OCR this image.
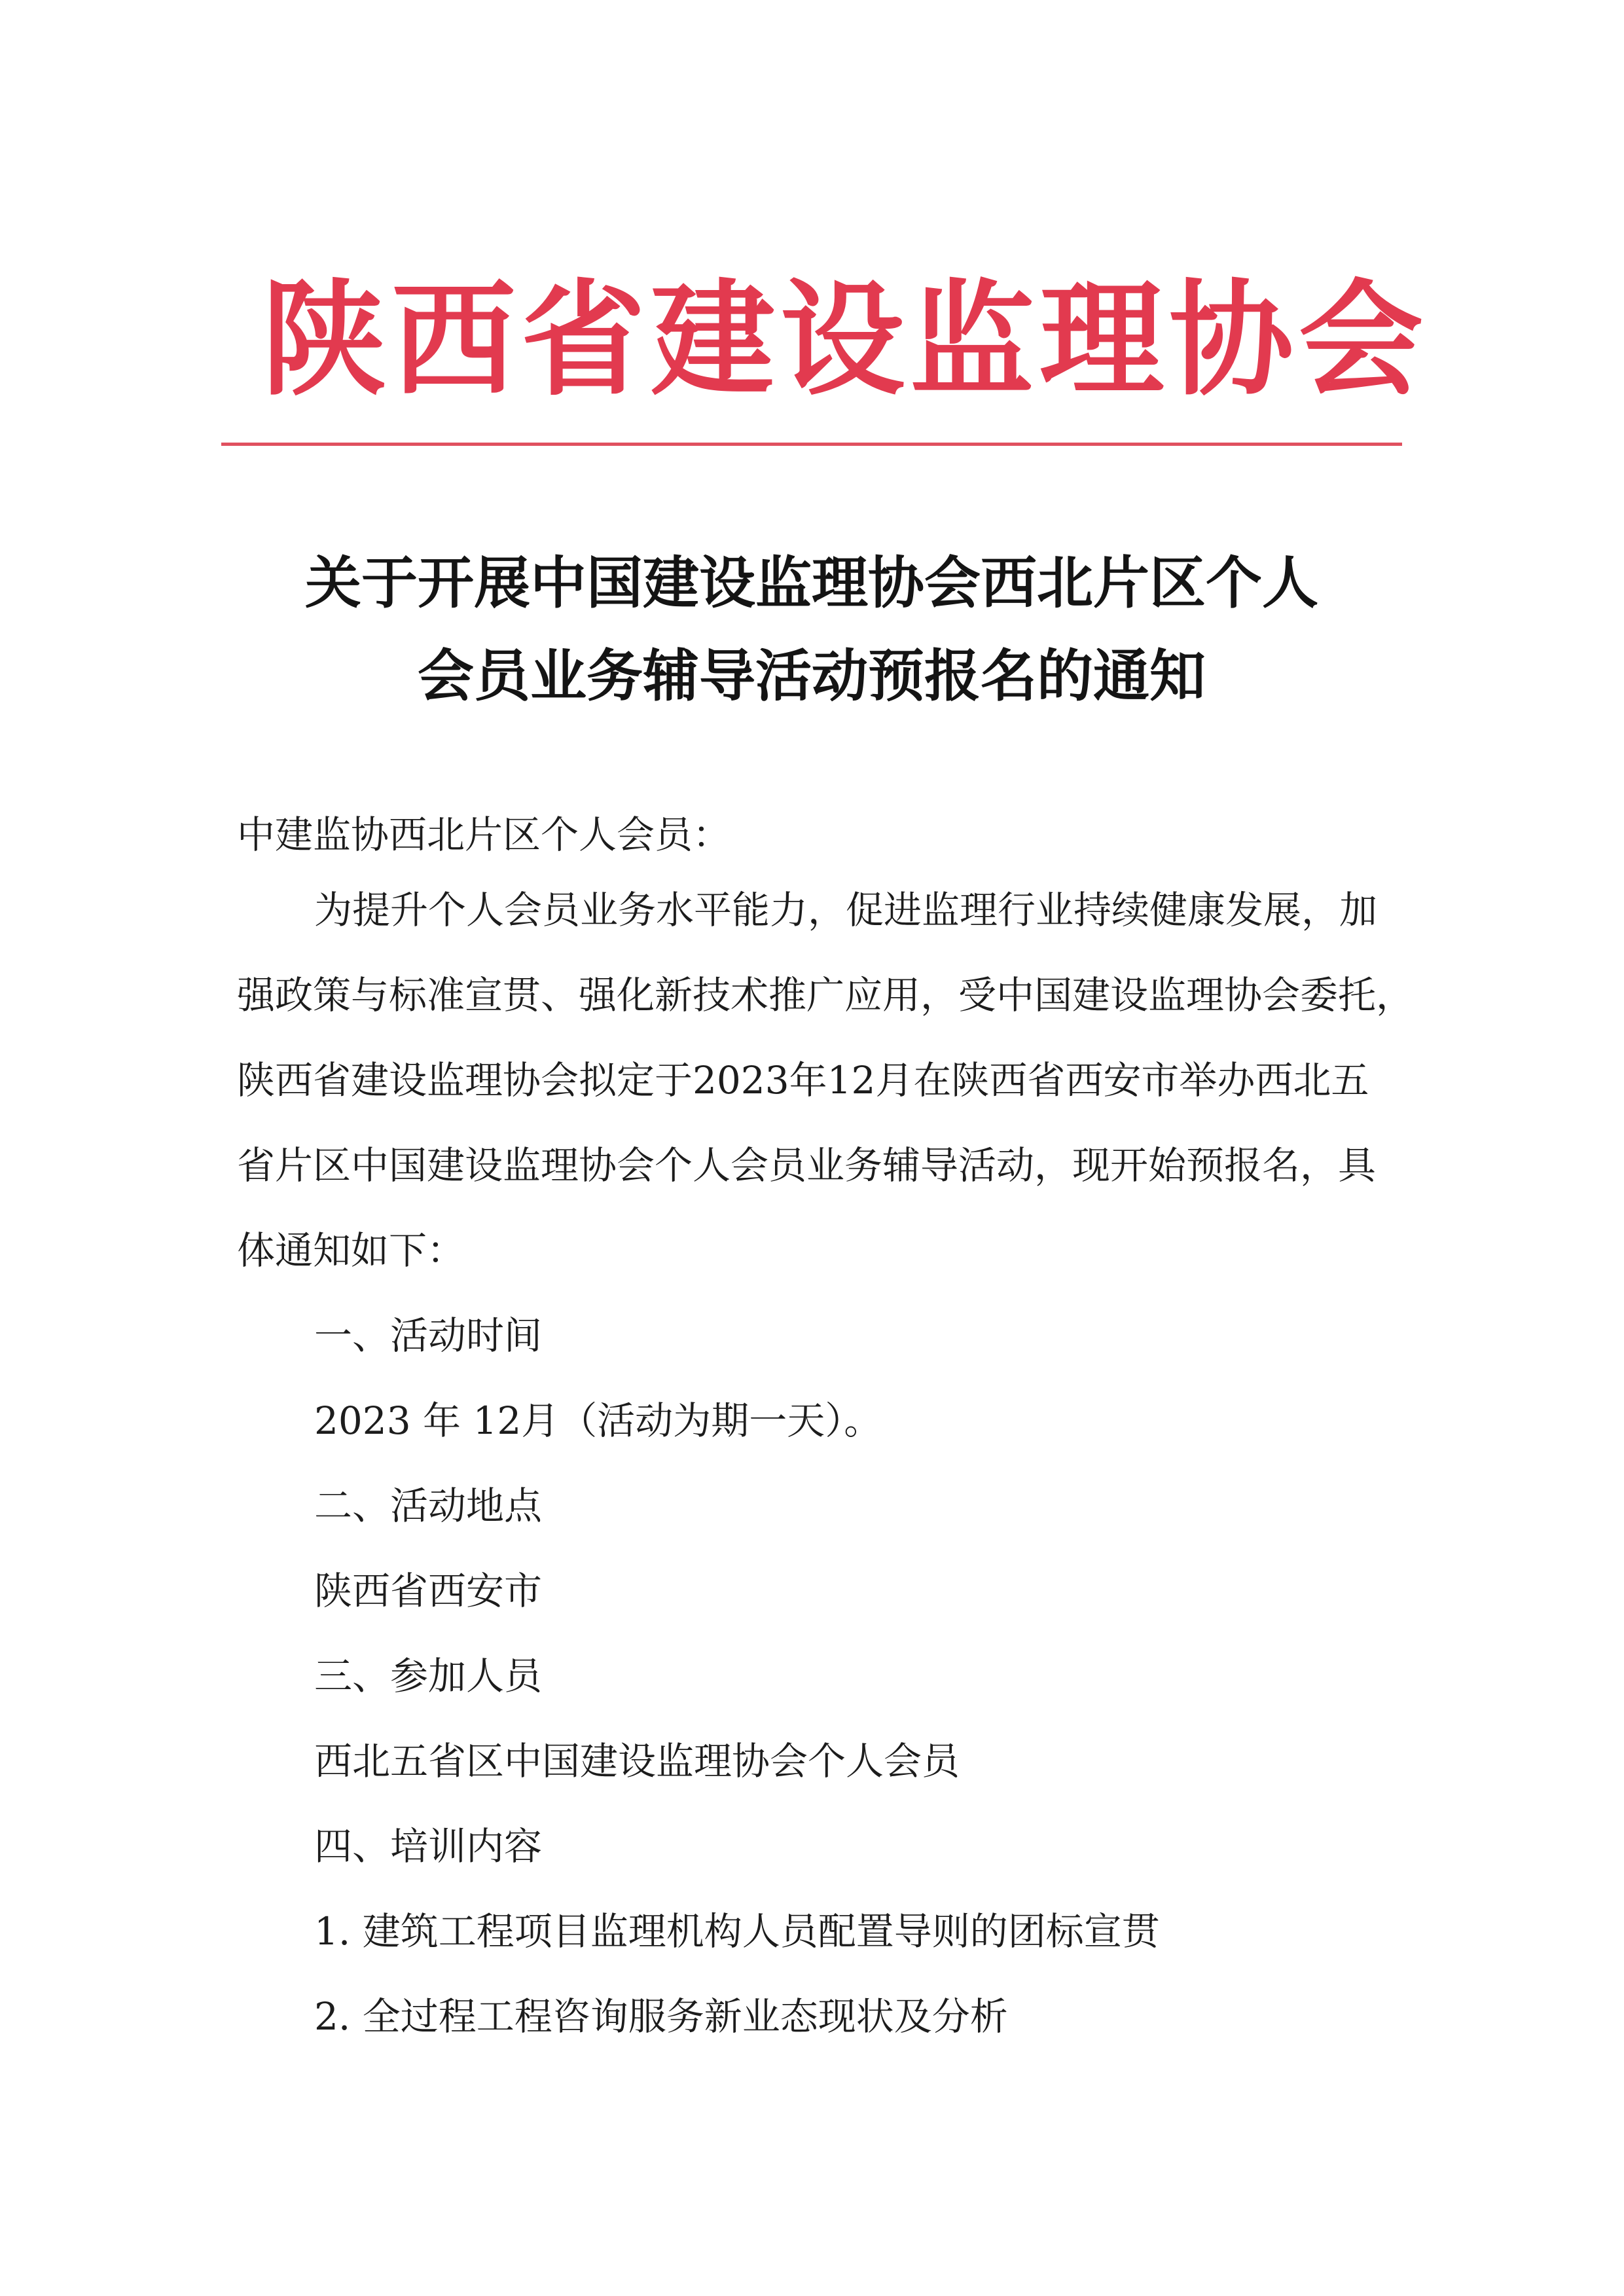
陕西省建设监理协会
关于开展中国建设监理协会西北片区个人
会员业务辅导活动预报名的通知
中建监协西北片区个人会员：
为提升个人会员业务水平能力，促进监理行业持续健康发展，加
强政策与标准宣贯、强化新技术推广应用，受中国建设监理协会委托，
陕西省建设监理协会拟定于2023年12月在陕西省西安市举办西北五
省片区中国建设监理协会个人会员业务辅导活动，现开始预报名，具
体通知如下：
一、活动时间
2023 年 12月（活动为期一天）。
二、活动地点
陕西省西安市
三、参加人员
西北五省区中国建设监理协会个人会员
四、培训内容
1. 建筑工程项目监理机构人员配置导则的团标宣贯
2. 全过程工程咨询服务新业态现状及分析
